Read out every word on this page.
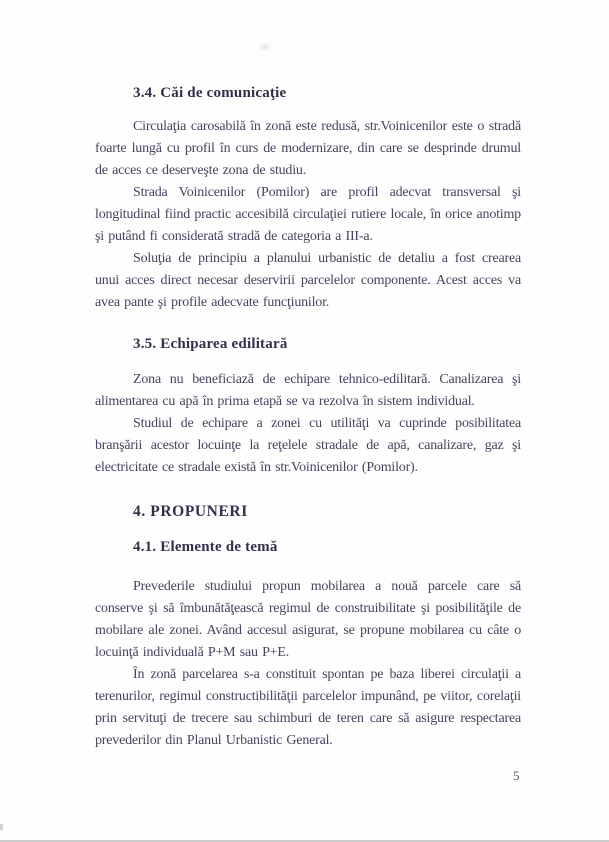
3.4. Căi de comunicaţie

Circulaţia carosabilă în zonă este redusă, str.Voinicenilor este o stradă foarte lungă cu profil în curs de modernizare, din care se desprinde drumul de acces ce deserveşte zona de studiu.

Strada Voinicenilor (Pomilor) are profil adecvat transversal şi longitudinal fiind practic accesibilă circulaţiei rutiere locale, în orice anotimp şi putând fi considerată stradă de categoria a III-a.

Soluţia de principiu a planului urbanistic de detaliu a fost crearea unui acces direct necesar deservirii parcelelor componente. Acest acces va avea pante şi profile adecvate funcţiunilor.

3.5. Echiparea edilitară

Zona nu beneficiază de echipare tehnico-edilitară. Canalizarea şi alimentarea cu apă în prima etapă se va rezolva în sistem individual.

Studiul de echipare a zonei cu utilităţi va cuprinde posibilitatea branşării acestor locuinţe la reţelele stradale de apă, canalizare, gaz şi electricitate ce stradale există în str.Voinicenilor (Pomilor).

4. PROPUNERI
4.1. Elemente de temă

Prevederile studiului propun mobilarea a nouă parcele care să conserve şi să îmbunătăţească regimul de construibilitate şi posibilităţile de mobilare ale zonei. Având accesul asigurat, se propune mobilarea cu câte o locuinţă individuală P+M sau P+E.

În zonă parcelarea s-a constituit spontan pe baza liberei circulaţii a terenurilor, regimul constructibilităţii parcelelor impunând, pe viitor, corelaţii prin servituţi de trecere sau schimburi de teren care să asigure respectarea prevederilor din Planul Urbanistic General.

5
